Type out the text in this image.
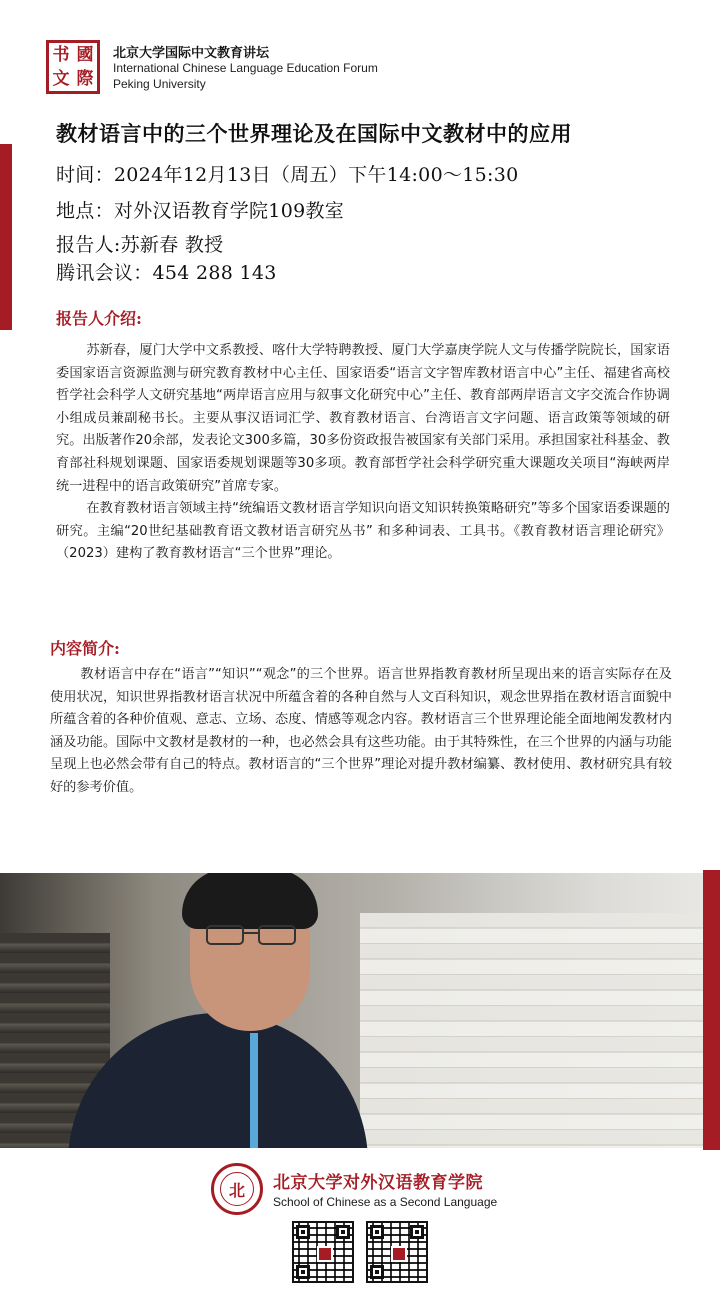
书 國
文 際
北京大学国际中文教育讲坛
International Chinese Language Education Forum
Peking University
教材语言中的三个世界理论及在国际中文教材中的应用
时间：2024年12月13日（周五）下午14:00～15:30
地点：对外汉语教育学院109教室
报告人:苏新春 教授
腾讯会议：454 288 143
报告人介绍:

苏新春，厦门大学中文系教授、喀什大学特聘教授、厦门大学嘉庚学院人文与传播学院院长，国家语委国家语言资源监测与研究教育教材中心主任、国家语委“语言文字智库教材语言中心”主任、福建省高校哲学社会科学人文研究基地“两岸语言应用与叙事文化研究中心”主任、教育部两岸语言文字交流合作协调小组成员兼副秘书长。主要从事汉语词汇学、教育教材语言、台湾语言文字问题、语言政策等领域的研究。出版著作20余部，发表论文300多篇，30多份资政报告被国家有关部门采用。承担国家社科基金、教育部社科规划课题、国家语委规划课题等30多项。教育部哲学社会科学研究重大课题攻关项目“海峡两岸统一进程中的语言政策研究”首席专家。

在教育教材语言领域主持“统编语文教材语言学知识向语文知识转换策略研究”等多个国家语委课题的研究。主编“20世纪基础教育语文教材语言研究丛书” 和多种词表、工具书。《教育教材语言理论研究》（2023）建构了教育教材语言“三个世界”理论。

内容简介:

教材语言中存在“语言”“知识”“观念”的三个世界。语言世界指教育教材所呈现出来的语言实际存在及使用状况，知识世界指教材语言状况中所蕴含着的各种自然与人文百科知识，观念世界指在教材语言面貌中所蕴含着的各种价值观、意志、立场、态度、情感等观念内容。教材语言三个世界理论能全面地阐发教材内涵及功能。国际中文教材是教材的一种，也必然会具有这些功能。由于其特殊性，在三个世界的内涵与功能呈现上也必然会带有自己的特点。教材语言的“三个世界”理论对提升教材编纂、教材使用、教材研究具有较好的参考价值。

北	北京大学对外汉语教育学院
School of Chinese as a Second Language
